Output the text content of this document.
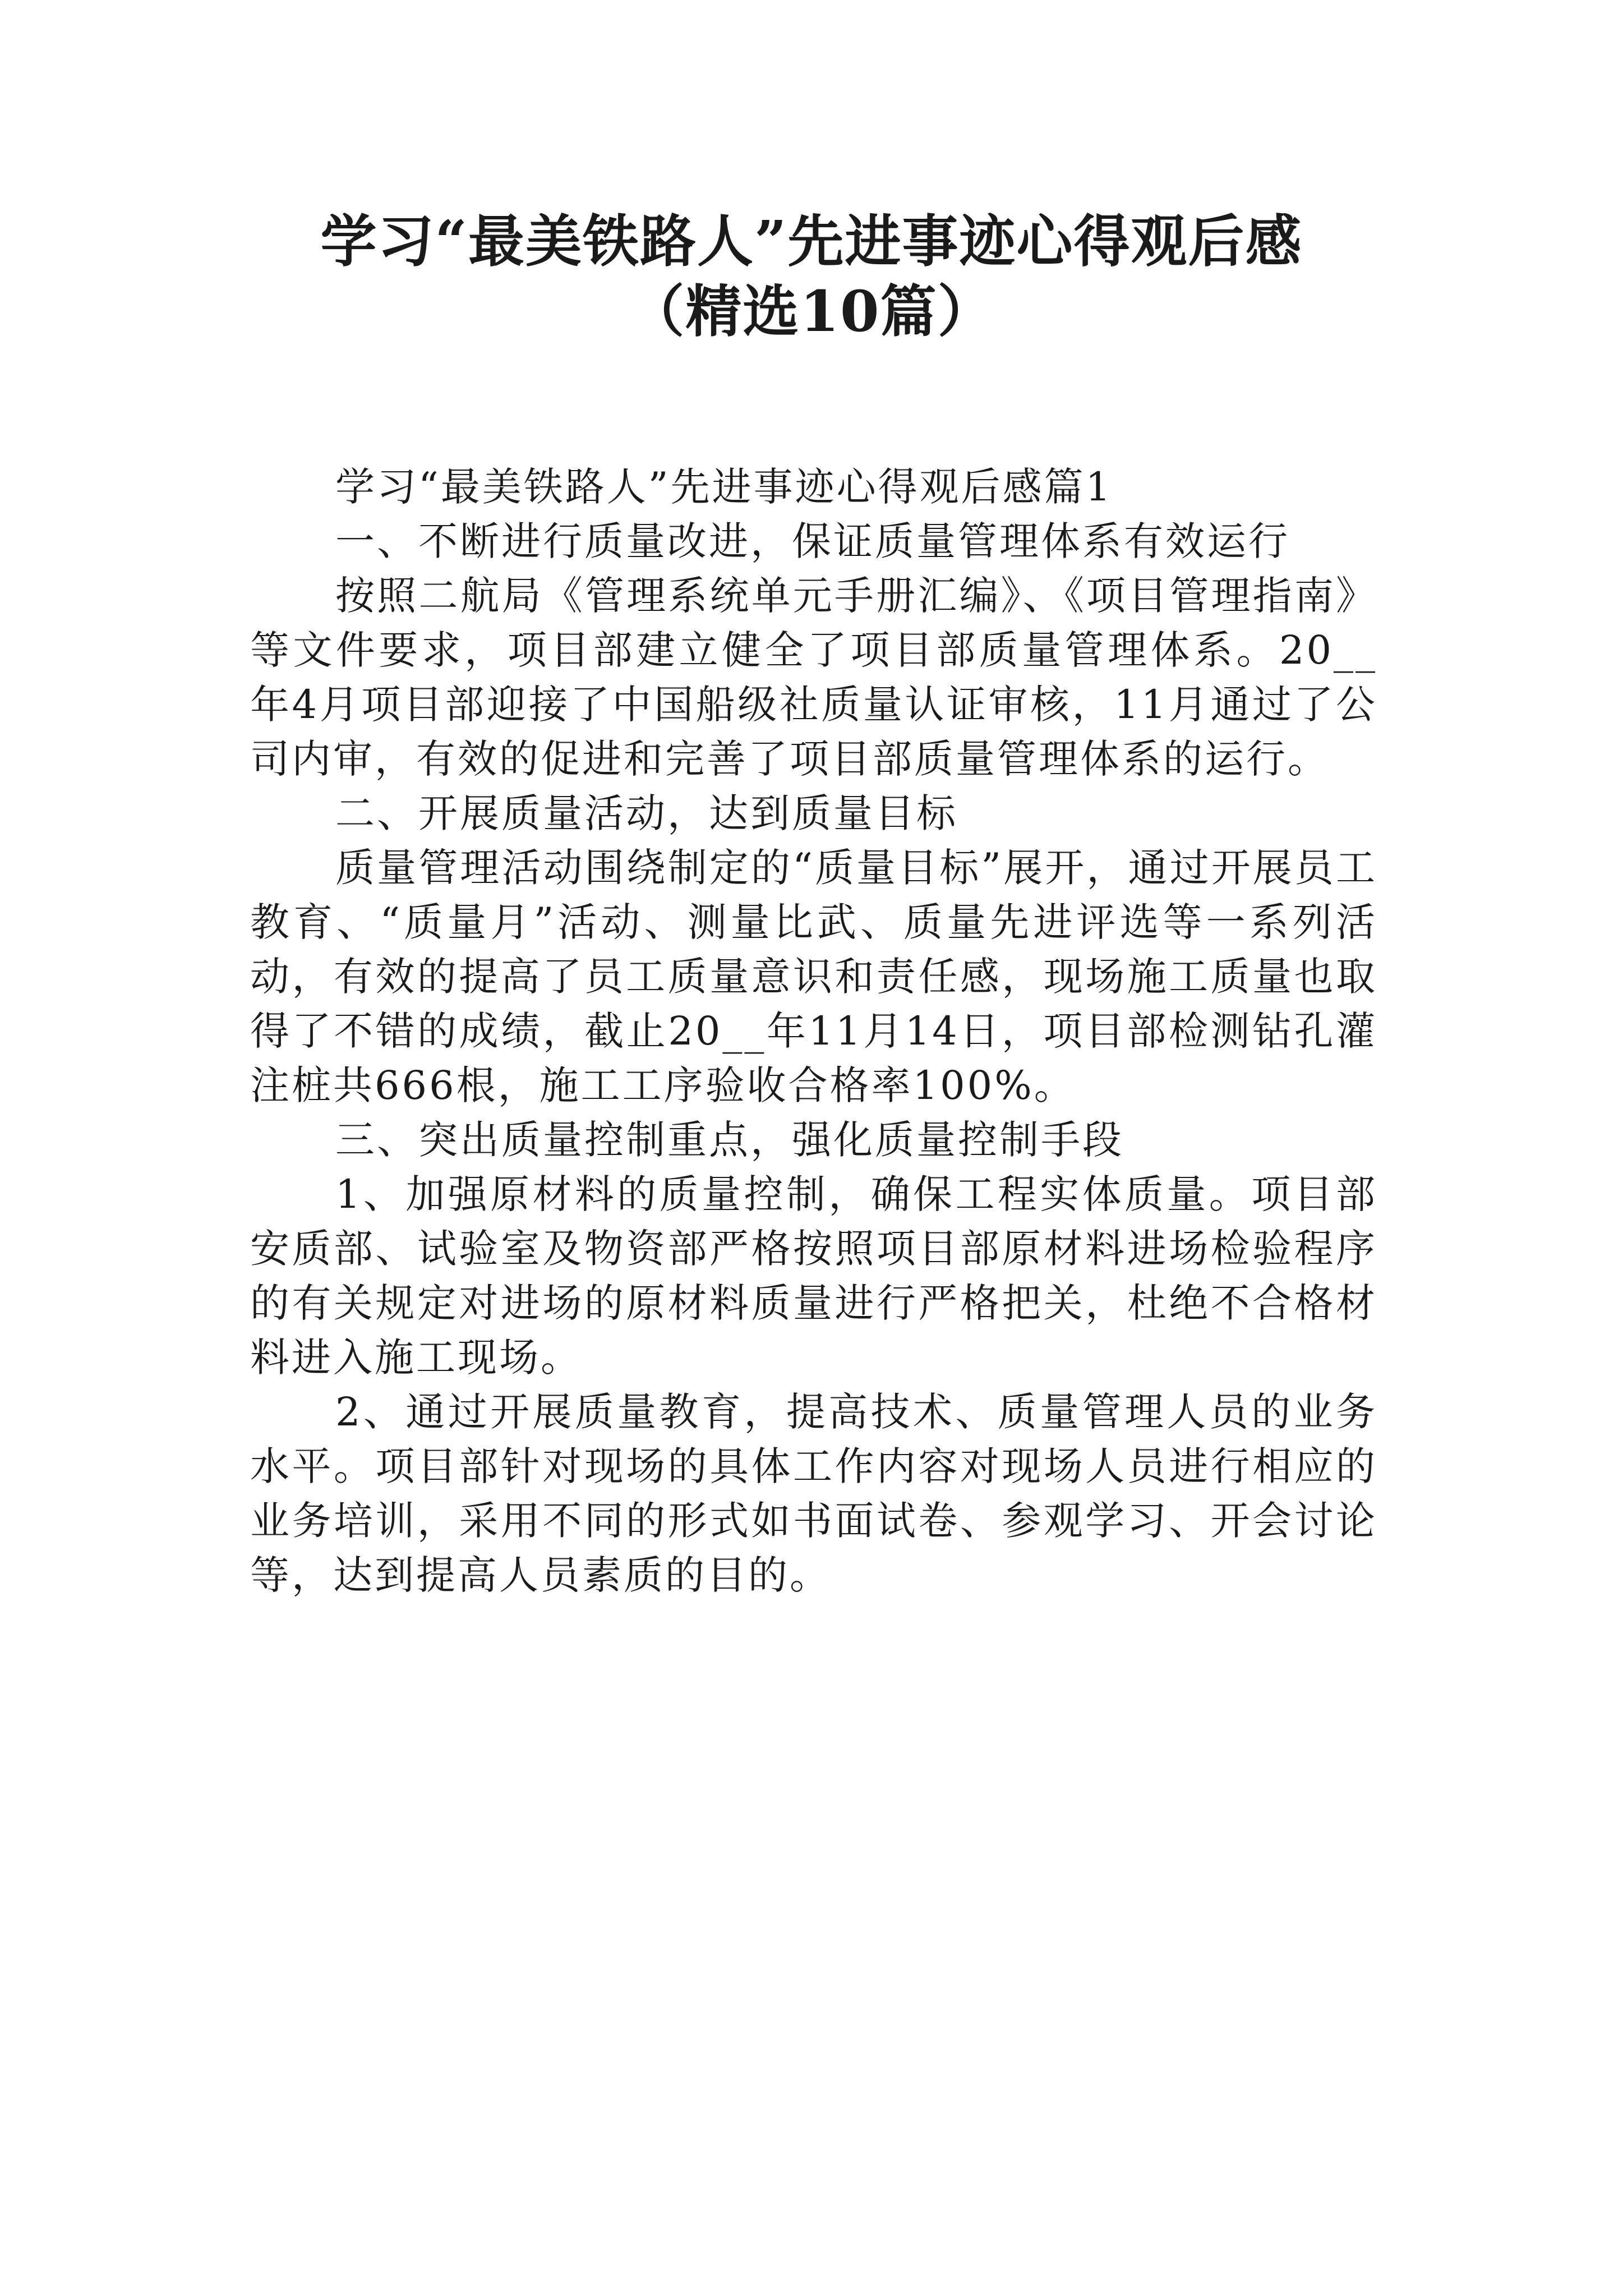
学习“最美铁路人”先进事迹心得观后感
（精选10篇）

学习“最美铁路人”先进事迹心得观后感篇1

一、不断进行质量改进，保证质量管理体系有效运行

按照二航局《管理系统单元手册汇编》、《项目管理指南》等文件要求，项目部建立健全了项目部质量管理体系。20__年4月项目部迎接了中国船级社质量认证审核，11月通过了公司内审，有效的促进和完善了项目部质量管理体系的运行。

二、开展质量活动，达到质量目标

质量管理活动围绕制定的“质量目标”展开，通过开展员工教育、“质量月”活动、测量比武、质量先进评选等一系列活动，有效的提高了员工质量意识和责任感，现场施工质量也取得了不错的成绩，截止20__年11月14日，项目部检测钻孔灌注桩共666根，施工工序验收合格率100%。

三、突出质量控制重点，强化质量控制手段

1、加强原材料的质量控制，确保工程实体质量。项目部安质部、试验室及物资部严格按照项目部原材料进场检验程序的有关规定对进场的原材料质量进行严格把关，杜绝不合格材料进入施工现场。

2、通过开展质量教育，提高技术、质量管理人员的业务水平。项目部针对现场的具体工作内容对现场人员进行相应的业务培训，采用不同的形式如书面试卷、参观学习、开会讨论等，达到提高人员素质的目的。
